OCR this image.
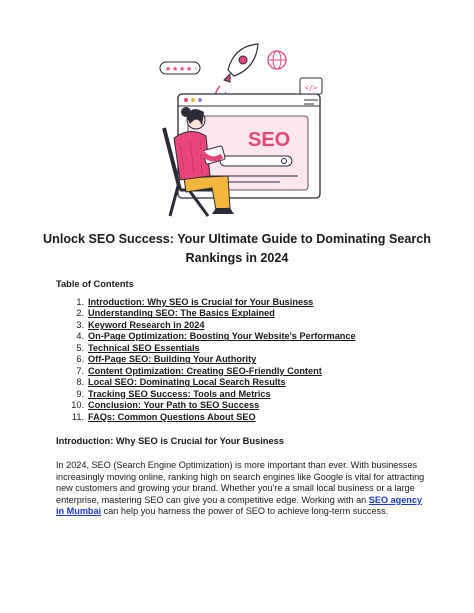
★ ★ ★ ★ ★
</>
SEO
Unlock SEO Success: Your Ultimate Guide to Dominating Search
Rankings in 2024
Table of Contents
1. Introduction: Why SEO is Crucial for Your Business
2. Understanding SEO: The Basics Explained
3. Keyword Research in 2024
4. On-Page Optimization: Boosting Your Website's Performance
5. Technical SEO Essentials
6. Off-Page SEO: Building Your Authority
7. Content Optimization: Creating SEO-Friendly Content
8. Local SEO: Dominating Local Search Results
9. Tracking SEO Success: Tools and Metrics
10. Conclusion: Your Path to SEO Success
11. FAQs: Common Questions About SEO
Introduction: Why SEO is Crucial for Your Business

In 2024, SEO (Search Engine Optimization) is more important than ever. With businesses increasingly moving online, ranking high on search engines like Google is vital for attracting new customers and growing your brand. Whether you're a small local business or a large enterprise, mastering SEO can give you a competitive edge. Working with an SEO agency in Mumbai can help you harness the power of SEO to achieve long-term success.
